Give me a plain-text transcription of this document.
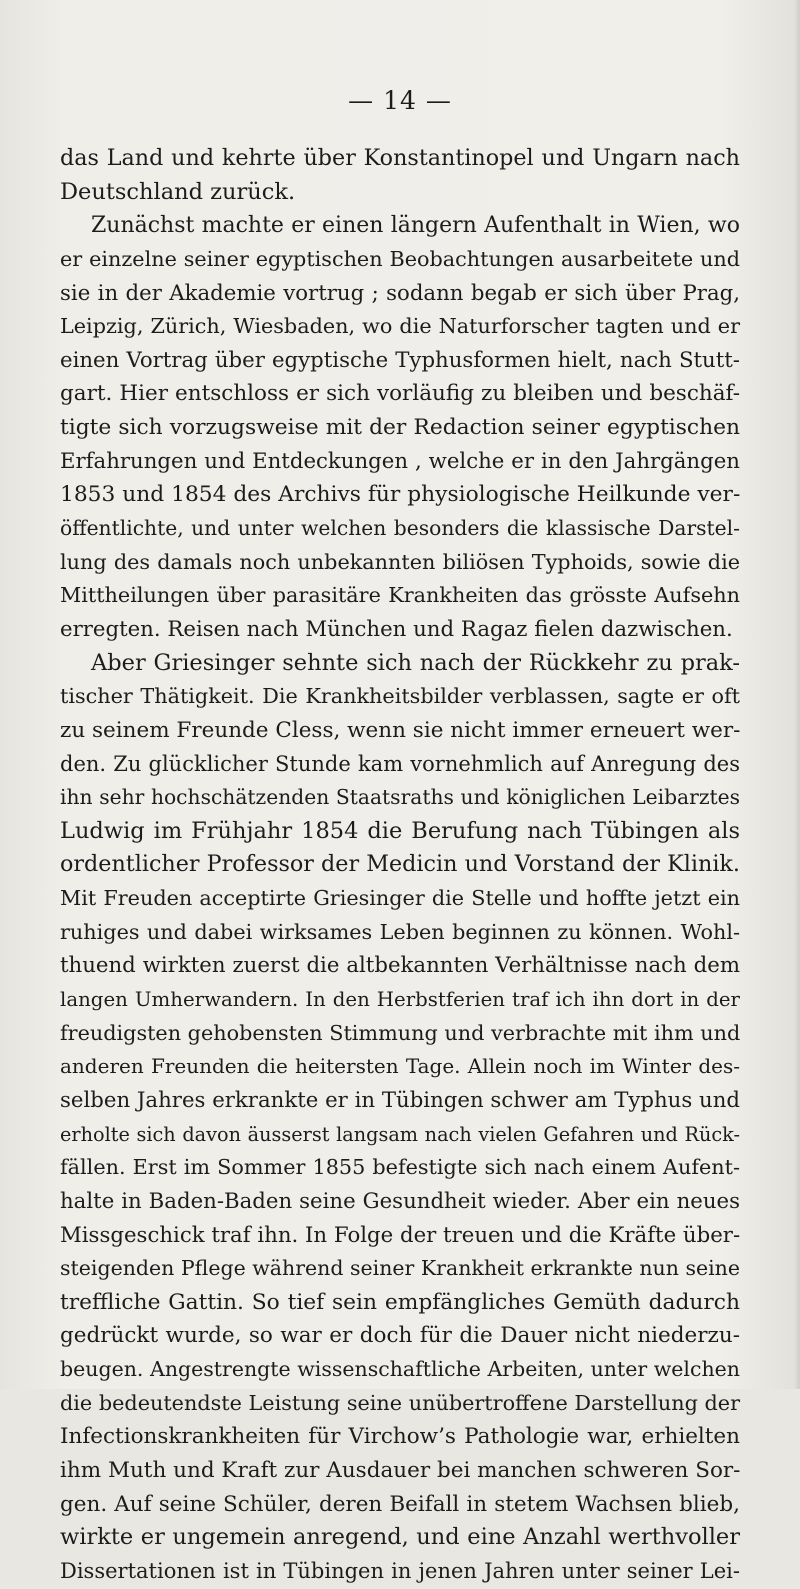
— 14 —
das Land und kehrte über Konstantinopel und Ungarn nach
Deutschland zurück.
Zunächst machte er einen längern Aufenthalt in Wien, wo
er einzelne seiner egyptischen Beobachtungen ausarbeitete und
sie in der Akademie vortrug ; sodann begab er sich über Prag,
Leipzig, Zürich, Wiesbaden, wo die Naturforscher tagten und er
einen Vortrag über egyptische Typhusformen hielt, nach Stutt-
gart. Hier entschloss er sich vorläufig zu bleiben und beschäf-
tigte sich vorzugsweise mit der Redaction seiner egyptischen
Erfahrungen und Entdeckungen , welche er in den Jahrgängen
1853 und 1854 des Archivs für physiologische Heilkunde ver-
öffentlichte, und unter welchen besonders die klassische Darstel-
lung des damals noch unbekannten biliösen Typhoids, sowie die
Mittheilungen über parasitäre Krankheiten das grösste Aufsehn
erregten. Reisen nach München und Ragaz fielen dazwischen.
Aber Griesinger sehnte sich nach der Rückkehr zu prak-
tischer Thätigkeit. Die Krankheitsbilder verblassen, sagte er oft
zu seinem Freunde Cless, wenn sie nicht immer erneuert wer-
den. Zu glücklicher Stunde kam vornehmlich auf Anregung des
ihn sehr hochschätzenden Staatsraths und königlichen Leibarztes
Ludwig im Frühjahr 1854 die Berufung nach Tübingen als
ordentlicher Professor der Medicin und Vorstand der Klinik.
Mit Freuden acceptirte Griesinger die Stelle und hoffte jetzt ein
ruhiges und dabei wirksames Leben beginnen zu können. Wohl-
thuend wirkten zuerst die altbekannten Verhältnisse nach dem
langen Umherwandern. In den Herbstferien traf ich ihn dort in der
freudigsten gehobensten Stimmung und verbrachte mit ihm und
anderen Freunden die heitersten Tage. Allein noch im Winter des-
selben Jahres erkrankte er in Tübingen schwer am Typhus und
erholte sich davon äusserst langsam nach vielen Gefahren und Rück-
fällen. Erst im Sommer 1855 befestigte sich nach einem Aufent-
halte in Baden-Baden seine Gesundheit wieder. Aber ein neues
Missgeschick traf ihn. In Folge der treuen und die Kräfte über-
steigenden Pflege während seiner Krankheit erkrankte nun seine
treffliche Gattin. So tief sein empfängliches Gemüth dadurch
gedrückt wurde, so war er doch für die Dauer nicht niederzu-
beugen. Angestrengte wissenschaftliche Arbeiten, unter welchen
die bedeutendste Leistung seine unübertroffene Darstellung der
Infectionskrankheiten für Virchow’s Pathologie war, erhielten
ihm Muth und Kraft zur Ausdauer bei manchen schweren Sor-
gen. Auf seine Schüler, deren Beifall in stetem Wachsen blieb,
wirkte er ungemein anregend, und eine Anzahl werthvoller
Dissertationen ist in Tübingen in jenen Jahren unter seiner Lei-
